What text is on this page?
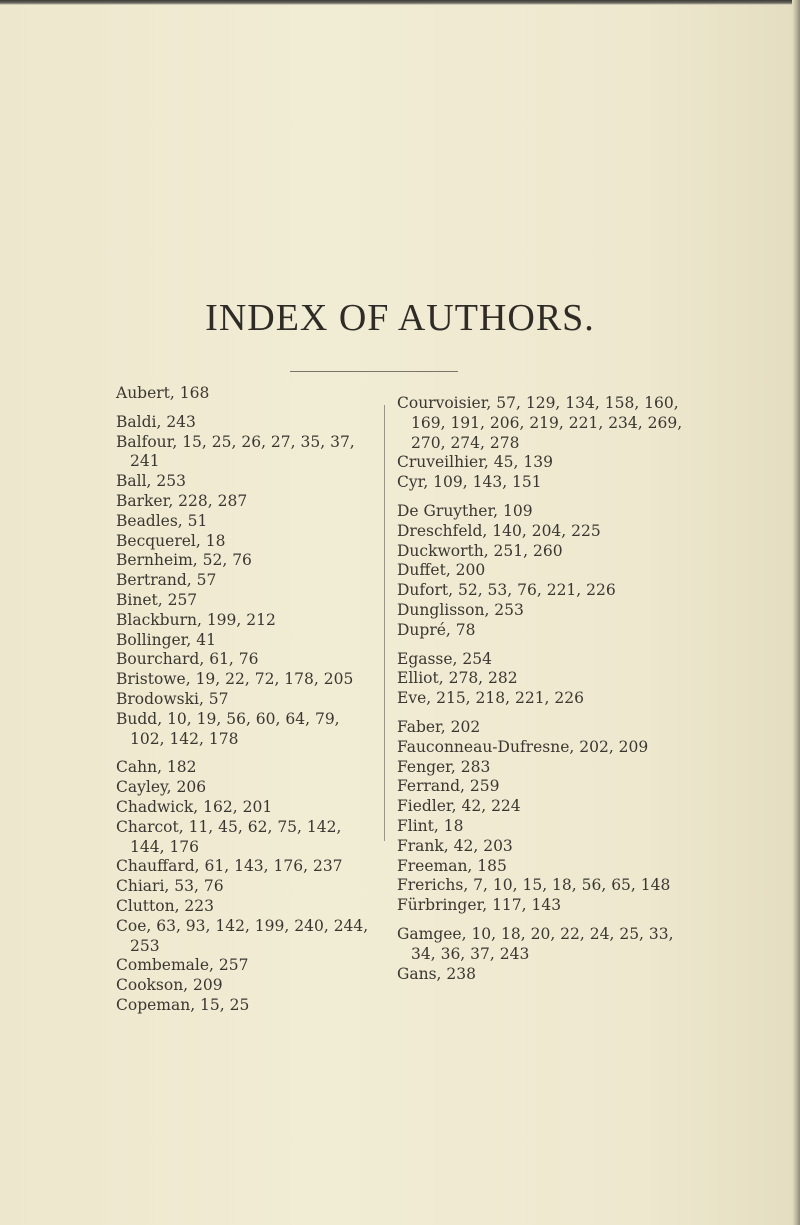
INDEX OF AUTHORS.

Aubert, 168

Baldi, 243

Balfour, 15, 25, 26, 27, 35, 37, 241

Ball, 253

Barker, 228, 287

Beadles, 51

Becquerel, 18

Bernheim, 52, 76

Bertrand, 57

Binet, 257

Blackburn, 199, 212

Bollinger, 41

Bourchard, 61, 76

Bristowe, 19, 22, 72, 178, 205

Brodowski, 57

Budd, 10, 19, 56, 60, 64, 79, 102, 142, 178

Cahn, 182

Cayley, 206

Chadwick, 162, 201

Charcot, 11, 45, 62, 75, 142, 144, 176

Chauffard, 61, 143, 176, 237

Chiari, 53, 76

Clutton, 223

Coe, 63, 93, 142, 199, 240, 244, 253

Combemale, 257

Cookson, 209

Copeman, 15, 25

Courvoisier, 57, 129, 134, 158, 160, 169, 191, 206, 219, 221, 234, 269, 270, 274, 278

Cruveilhier, 45, 139

Cyr, 109, 143, 151

De Gruyther, 109

Dreschfeld, 140, 204, 225

Duckworth, 251, 260

Duffet, 200

Dufort, 52, 53, 76, 221, 226

Dunglisson, 253

Dupré, 78

Egasse, 254

Elliot, 278, 282

Eve, 215, 218, 221, 226

Faber, 202

Fauconneau-Dufresne, 202, 209

Fenger, 283

Ferrand, 259

Fiedler, 42, 224

Flint, 18

Frank, 42, 203

Freeman, 185

Frerichs, 7, 10, 15, 18, 56, 65, 148

Fürbringer, 117, 143

Gamgee, 10, 18, 20, 22, 24, 25, 33, 34, 36, 37, 243

Gans, 238
